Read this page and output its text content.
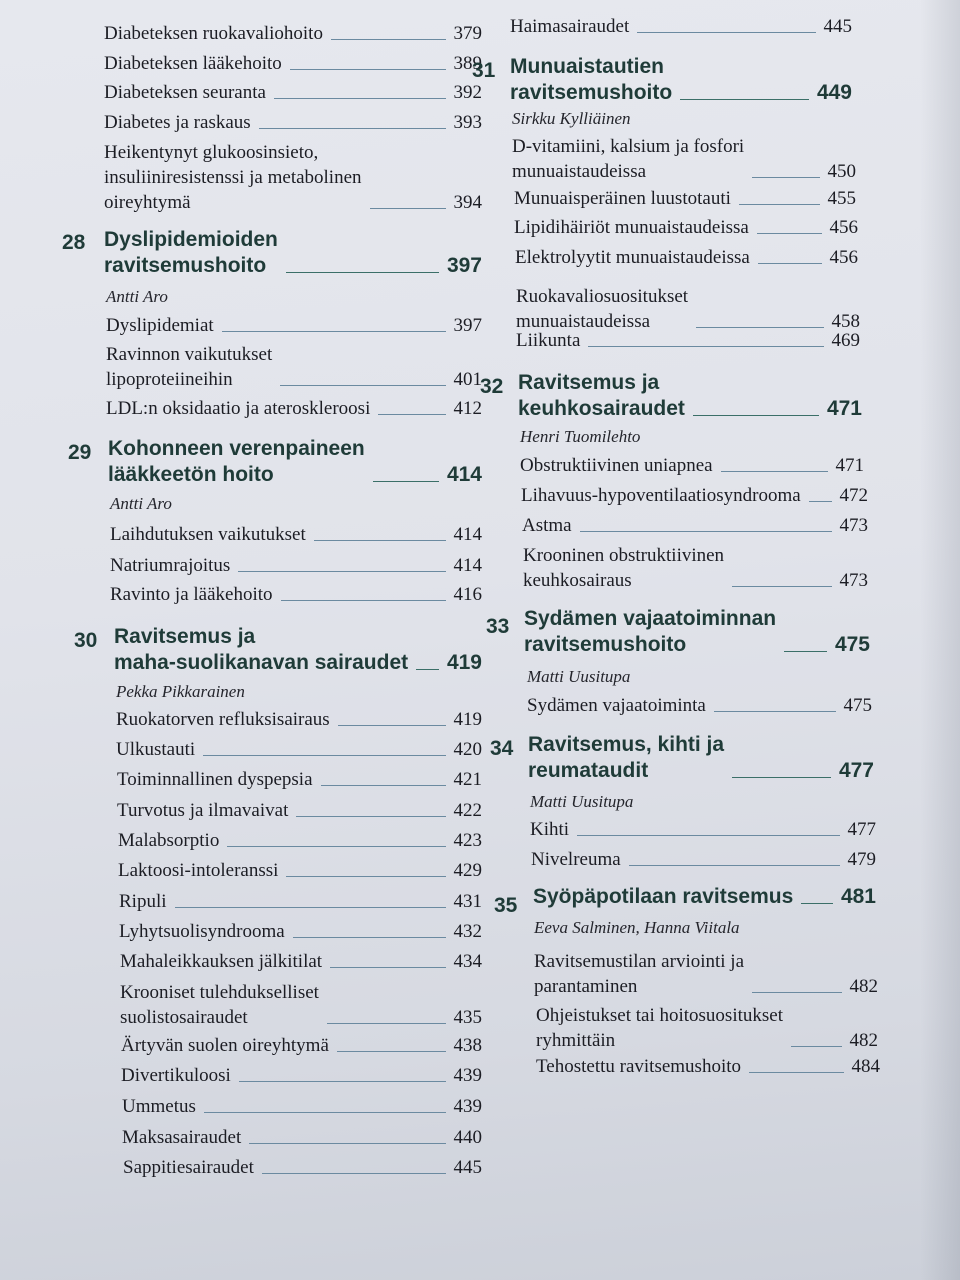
Diabeteksen ruokavaliohoito	379
Diabeteksen lääkehoito	389
Diabeteksen seuranta	392
Diabetes ja raskaus	393
Heikentynyt glukoosinsieto,
insuliiniresistenssi ja metabolinen
oireyhtymä	394
28 Dyslipidemioiden
ravitsemushoito	397
Antti Aro
Dyslipidemiat	397
Ravinnon vaikutukset
lipoproteiineihin	401
LDL:n oksidaatio ja ateroskleroosi	412
29 Kohonneen verenpaineen
lääkkeetön hoito	414
Antti Aro
Laihdutuksen vaikutukset	414
Natriumrajoitus	414
Ravinto ja lääkehoito	416
30 Ravitsemus ja
maha-suolikanavan sairaudet 419
Pekka Pikkarainen
Ruokatorven refluksisairaus	419
Ulkustauti	420
Toiminnallinen dyspepsia	421
Turvotus ja ilmavaivat	422
Malabsorptio	423
Laktoosi-intoleranssi	429
Ripuli	431
Lyhytsuolisyndrooma	432
Mahaleikkauksen jälkitilat	434
Krooniset tulehdukselliset
suolistosairaudet	435
Ärtyvän suolen oireyhtymä	438
Divertikuloosi	439
Ummetus	439
Maksasairaudet	440
Sappitiesairaudet	445
Haimasairaudet	445
31 Munuaistautien
ravitsemushoito	449
Sirkku Kylliäinen
D-vitamiini, kalsium ja fosfori
munuaistaudeissa	450
Munuaisperäinen luustotauti	455
Lipidihäiriöt munuaistaudeissa	456
Elektrolyytit munuaistaudeissa	456
Ruokavaliosuositukset
munuaistaudeissa	458
Liikunta	469
32 Ravitsemus ja
keuhkosairaudet	471
Henri Tuomilehto
Obstruktiivinen uniapnea	471
Lihavuus-hypoventilaatiosyndrooma 472
Astma	473
Krooninen obstruktiivinen
keuhkosairaus	473
33 Sydämen vajaatoiminnan
ravitsemushoito	475
Matti Uusitupa
Sydämen vajaatoiminta	475
34 Ravitsemus, kihti ja
reumataudit	477
Matti Uusitupa
Kihti	477
Nivelreuma	479
35 Syöpäpotilaan ravitsemus 481
Eeva Salminen, Hanna Viitala
Ravitsemustilan arviointi ja
parantaminen	482
Ohjeistukset tai hoitosuositukset
ryhmittäin	482
Tehostettu ravitsemushoito	484
